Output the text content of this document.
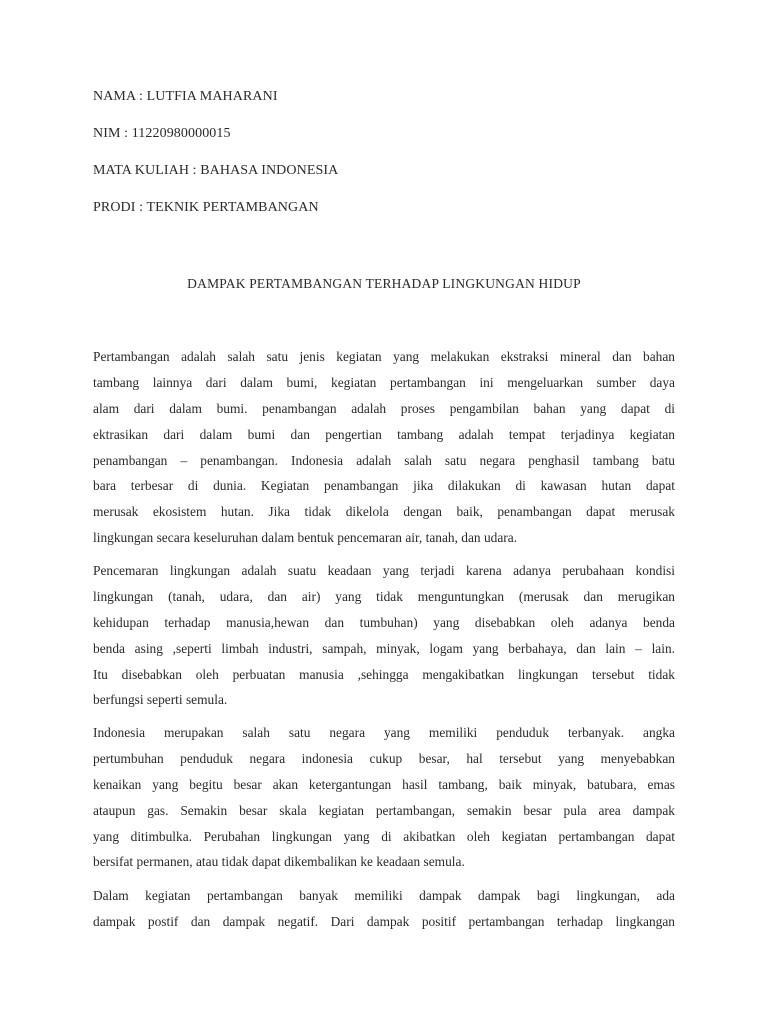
NAMA : LUTFIA MAHARANI
NIM : 11220980000015
MATA KULIAH : BAHASA INDONESIA
PRODI : TEKNIK PERTAMBANGAN
DAMPAK PERTAMBANGAN TERHADAP LINGKUNGAN HIDUP
Pertambangan adalah salah satu jenis kegiatan yang melakukan ekstraksi mineral dan bahan
tambang lainnya dari dalam bumi, kegiatan pertambangan ini mengeluarkan sumber daya
alam dari dalam bumi. penambangan adalah proses pengambilan bahan yang dapat di
ektrasikan dari dalam bumi dan pengertian tambang adalah tempat terjadinya kegiatan
penambangan – penambangan. Indonesia adalah salah satu negara penghasil tambang batu
bara terbesar di dunia. Kegiatan penambangan jika dilakukan di kawasan hutan dapat
merusak ekosistem hutan. Jika tidak dikelola dengan baik, penambangan dapat merusak
lingkungan secara keseluruhan dalam bentuk pencemaran air, tanah, dan udara.
Pencemaran lingkungan adalah suatu keadaan yang terjadi karena adanya perubahaan kondisi
lingkungan (tanah, udara, dan air) yang tidak menguntungkan (merusak dan merugikan
kehidupan terhadap manusia,hewan dan tumbuhan) yang disebabkan oleh adanya benda
benda asing ,seperti limbah industri, sampah, minyak, logam yang berbahaya, dan lain – lain.
Itu disebabkan oleh perbuatan manusia ,sehingga mengakibatkan lingkungan tersebut tidak
berfungsi seperti semula.
Indonesia merupakan salah satu negara yang memiliki penduduk terbanyak. angka
pertumbuhan penduduk negara indonesia cukup besar, hal tersebut yang menyebabkan
kenaikan yang begitu besar akan ketergantungan hasil tambang, baik minyak, batubara, emas
ataupun gas. Semakin besar skala kegiatan pertambangan, semakin besar pula area dampak
yang ditimbulka. Perubahan lingkungan yang di akibatkan oleh kegiatan pertambangan dapat
bersifat permanen, atau tidak dapat dikembalikan ke keadaan semula.
Dalam kegiatan pertambangan banyak memiliki dampak dampak bagi lingkungan, ada
dampak postif dan dampak negatif. Dari dampak positif pertambangan terhadap lingkangan
